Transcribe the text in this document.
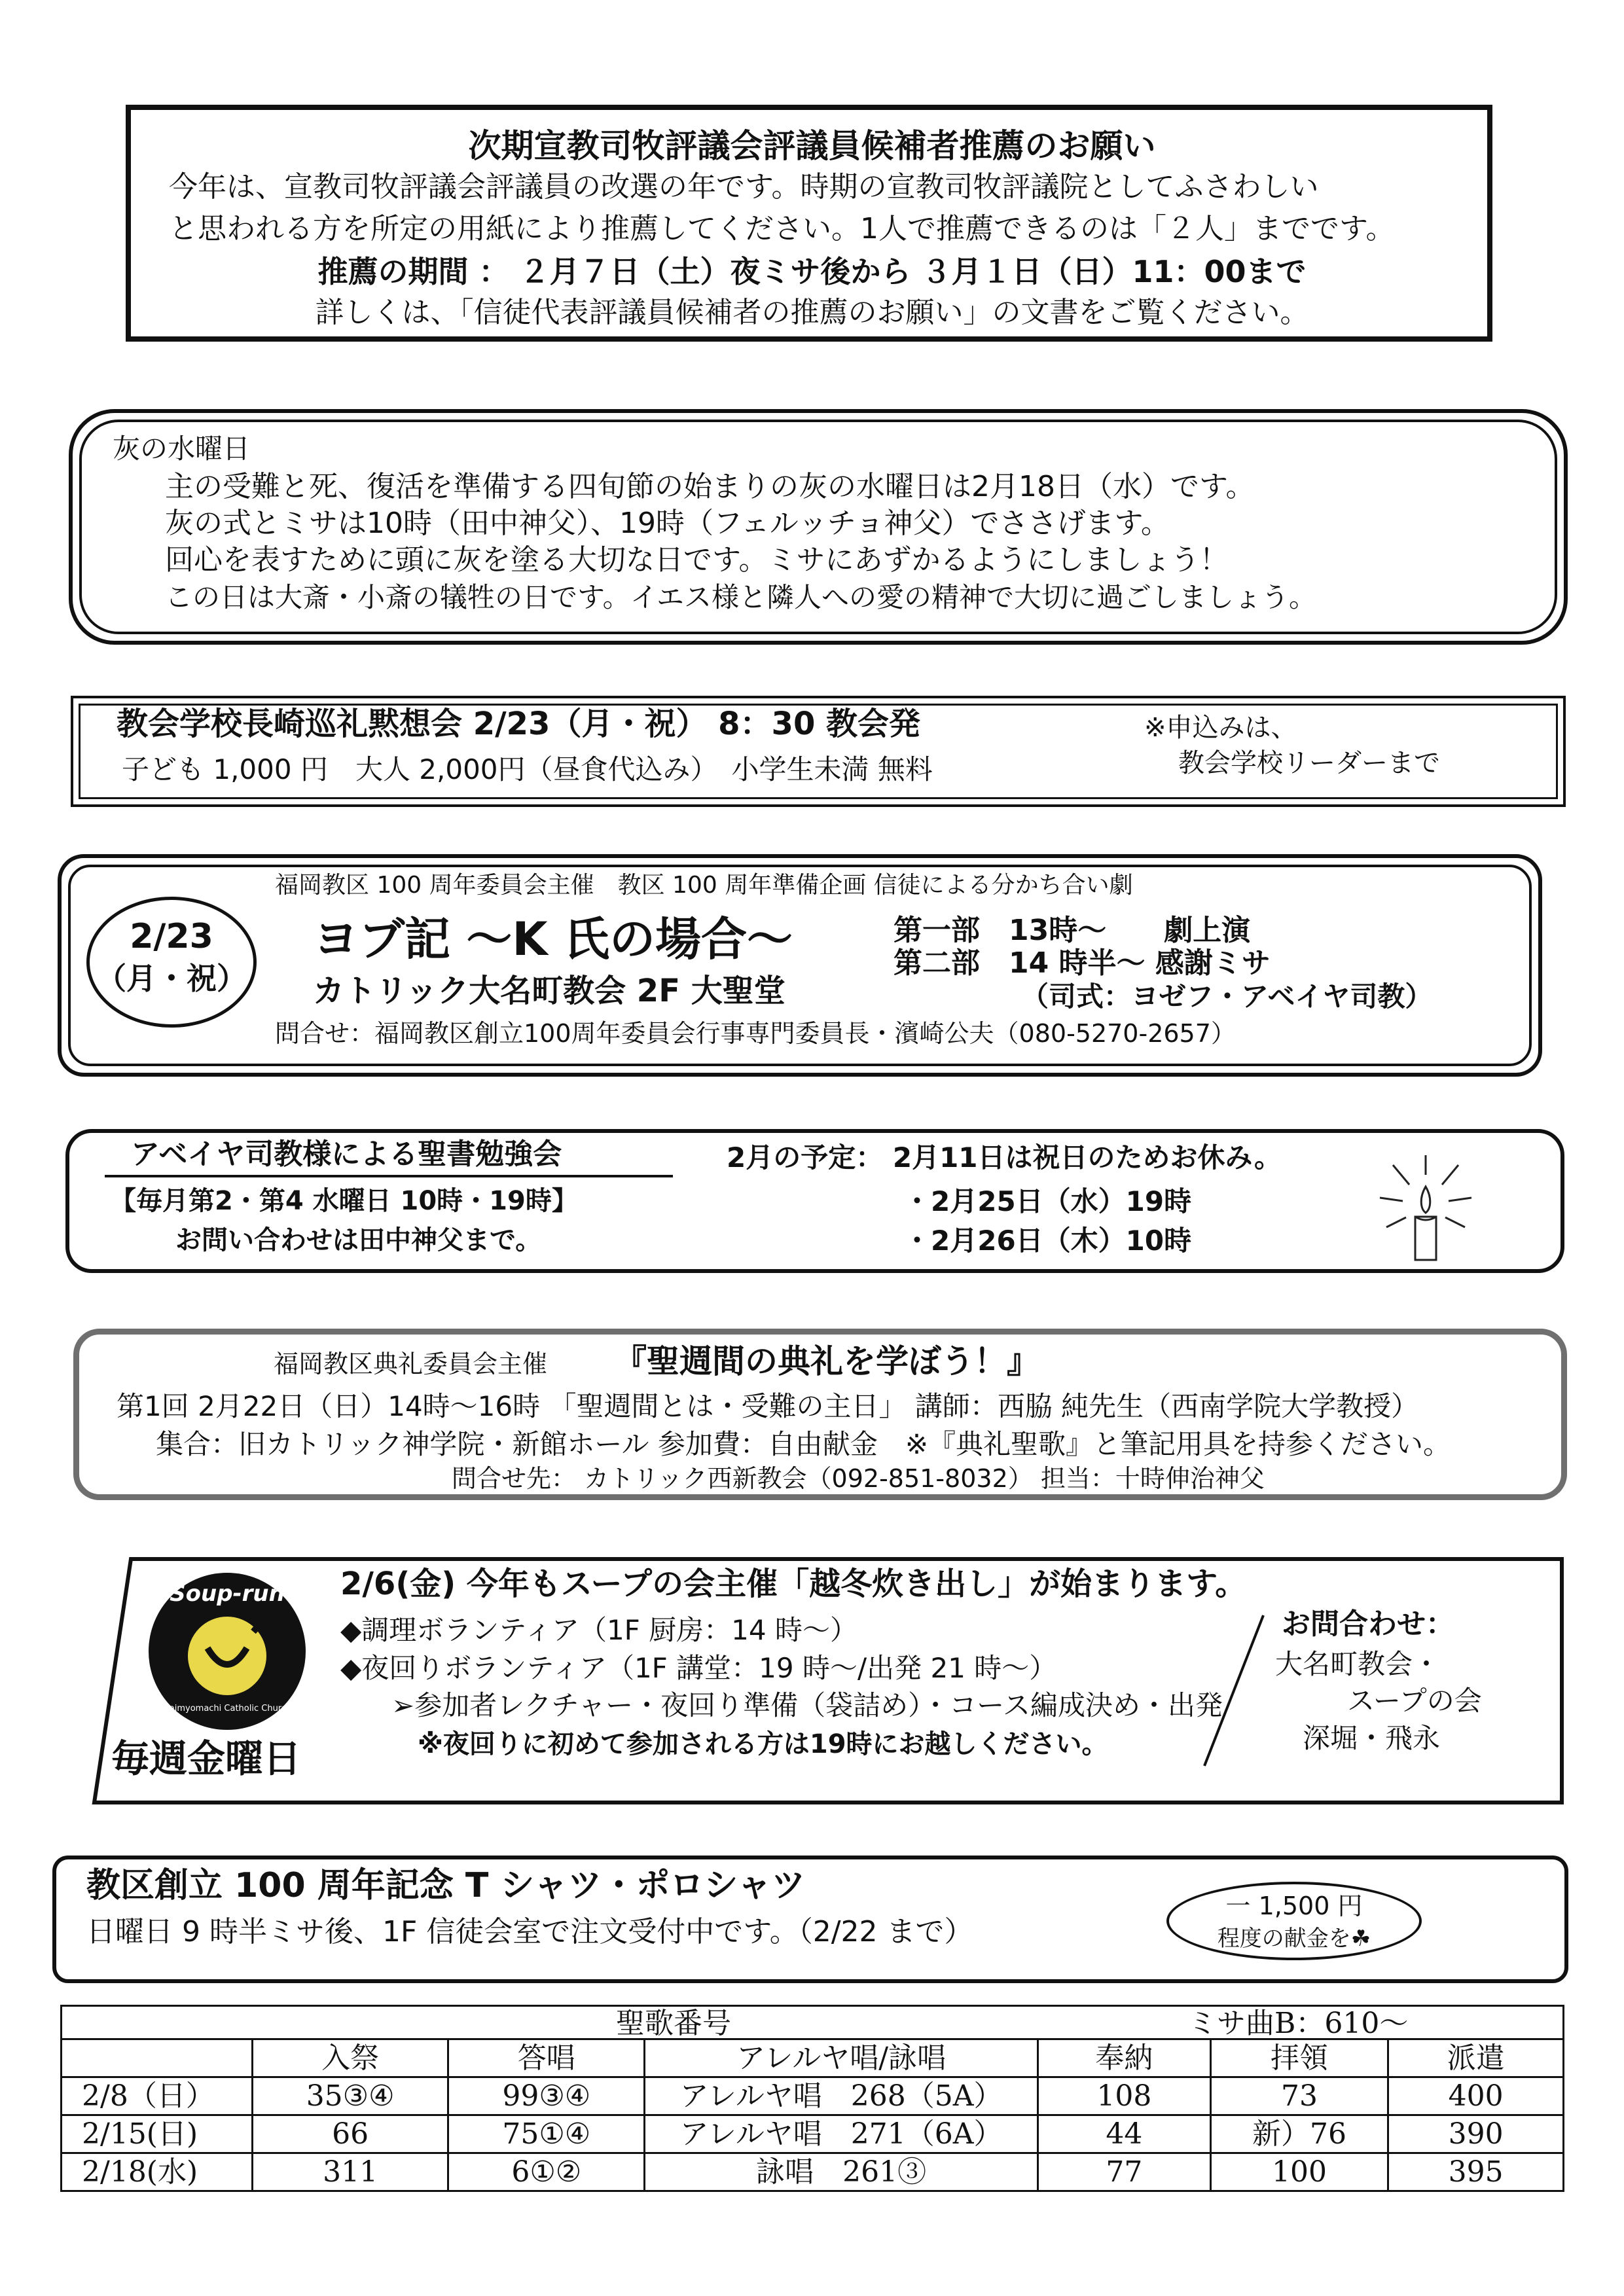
次期宣教司牧評議会評議員候補者推薦のお願い
今年は、宣教司牧評議会評議員の改選の年です。時期の宣教司牧評議院としてふさわしい
と思われる方を所定の用紙により推薦してください。1人で推薦できるのは「２人」までです。
推薦の期間 ： ２月７日（土）夜ミサ後から ３月１日（日）11：00まで
詳しくは、「信徒代表評議員候補者の推薦のお願い」の文書をご覧ください。
灰の水曜日
主の受難と死、復活を準備する四旬節の始まりの灰の水曜日は2月18日（水）です。
灰の式とミサは10時（田中神父）、19時（フェルッチョ神父）でささげます。
回心を表すために頭に灰を塗る大切な日です。ミサにあずかるようにしましょう！
この日は大斎・小斎の犠牲の日です。イエス様と隣人への愛の精神で大切に過ごしましょう。
教会学校長崎巡礼黙想会 2/23（月・祝） 8：30 教会発
子ども 1,000 円　大人 2,000円（昼食代込み）　小学生未満 無料
※申込みは、
教会学校リーダーまで
2/23
（月・祝）
福岡教区 100 周年委員会主催　教区 100 周年準備企画 信徒による分かち合い劇
ヨブ記 ～K 氏の場合～
カトリック大名町教会 2F 大聖堂
第一部　13時～　　劇上演
第二部　14 時半～ 感謝ミサ
（司式：ヨゼフ・アベイヤ司教）
問合せ：福岡教区創立100周年委員会行事専門委員長・濱崎公夫（080-5270-2657）
アベイヤ司教様による聖書勉強会
【毎月第2・第4 水曜日 10時・19時】
お問い合わせは田中神父まで。
2月の予定： 2月11日は祝日のためお休み。
・2月25日（水）19時
・2月26日（木）10時
福岡教区典礼委員会主催 『聖週間の典礼を学ぼう！』
第1回 2月22日（日）14時～16時 「聖週間とは・受難の主日」 講師：西脇 純先生（西南学院大学教授）
集合：旧カトリック神学院・新館ホール 参加費：自由献金　※『典礼聖歌』と筆記用具を持参ください。
問合せ先： カトリック西新教会（092-851-8032） 担当：十時伸治神父
Soup-run
Daimyomachi Catholic Church
毎週金曜日
2/6(金) 今年もスープの会主催「越冬炊き出し」が始まります。
◆調理ボランティア（1F 厨房：14 時～）
◆夜回りボランティア（1F 講堂：19 時～/出発 21 時～）
➢参加者レクチャー・夜回り準備（袋詰め）・コース編成決め・出発
※夜回りに初めて参加される方は19時にお越しください。
お問合わせ：
大名町教会・
スープの会
深堀・飛永
教区創立 100 周年記念 T シャツ・ポロシャツ
日曜日 9 時半ミサ後、1F 信徒会室で注文受付中です。（2/22 まで）
一 1,500 円
程度の献金を☘
聖歌番号 ミサ曲B：610～						

	入祭	答唱	アレルヤ唱/詠唱	奉納	拝領	派遣
2/8（日）	35③④	99③④	アレルヤ唱　268（5A）	108	73	400
2/15(日)	66	75①④	アレルヤ唱　271（6A）	44	新）76	390
2/18(水)	311	6①②	詠唱　261③	77	100	395
